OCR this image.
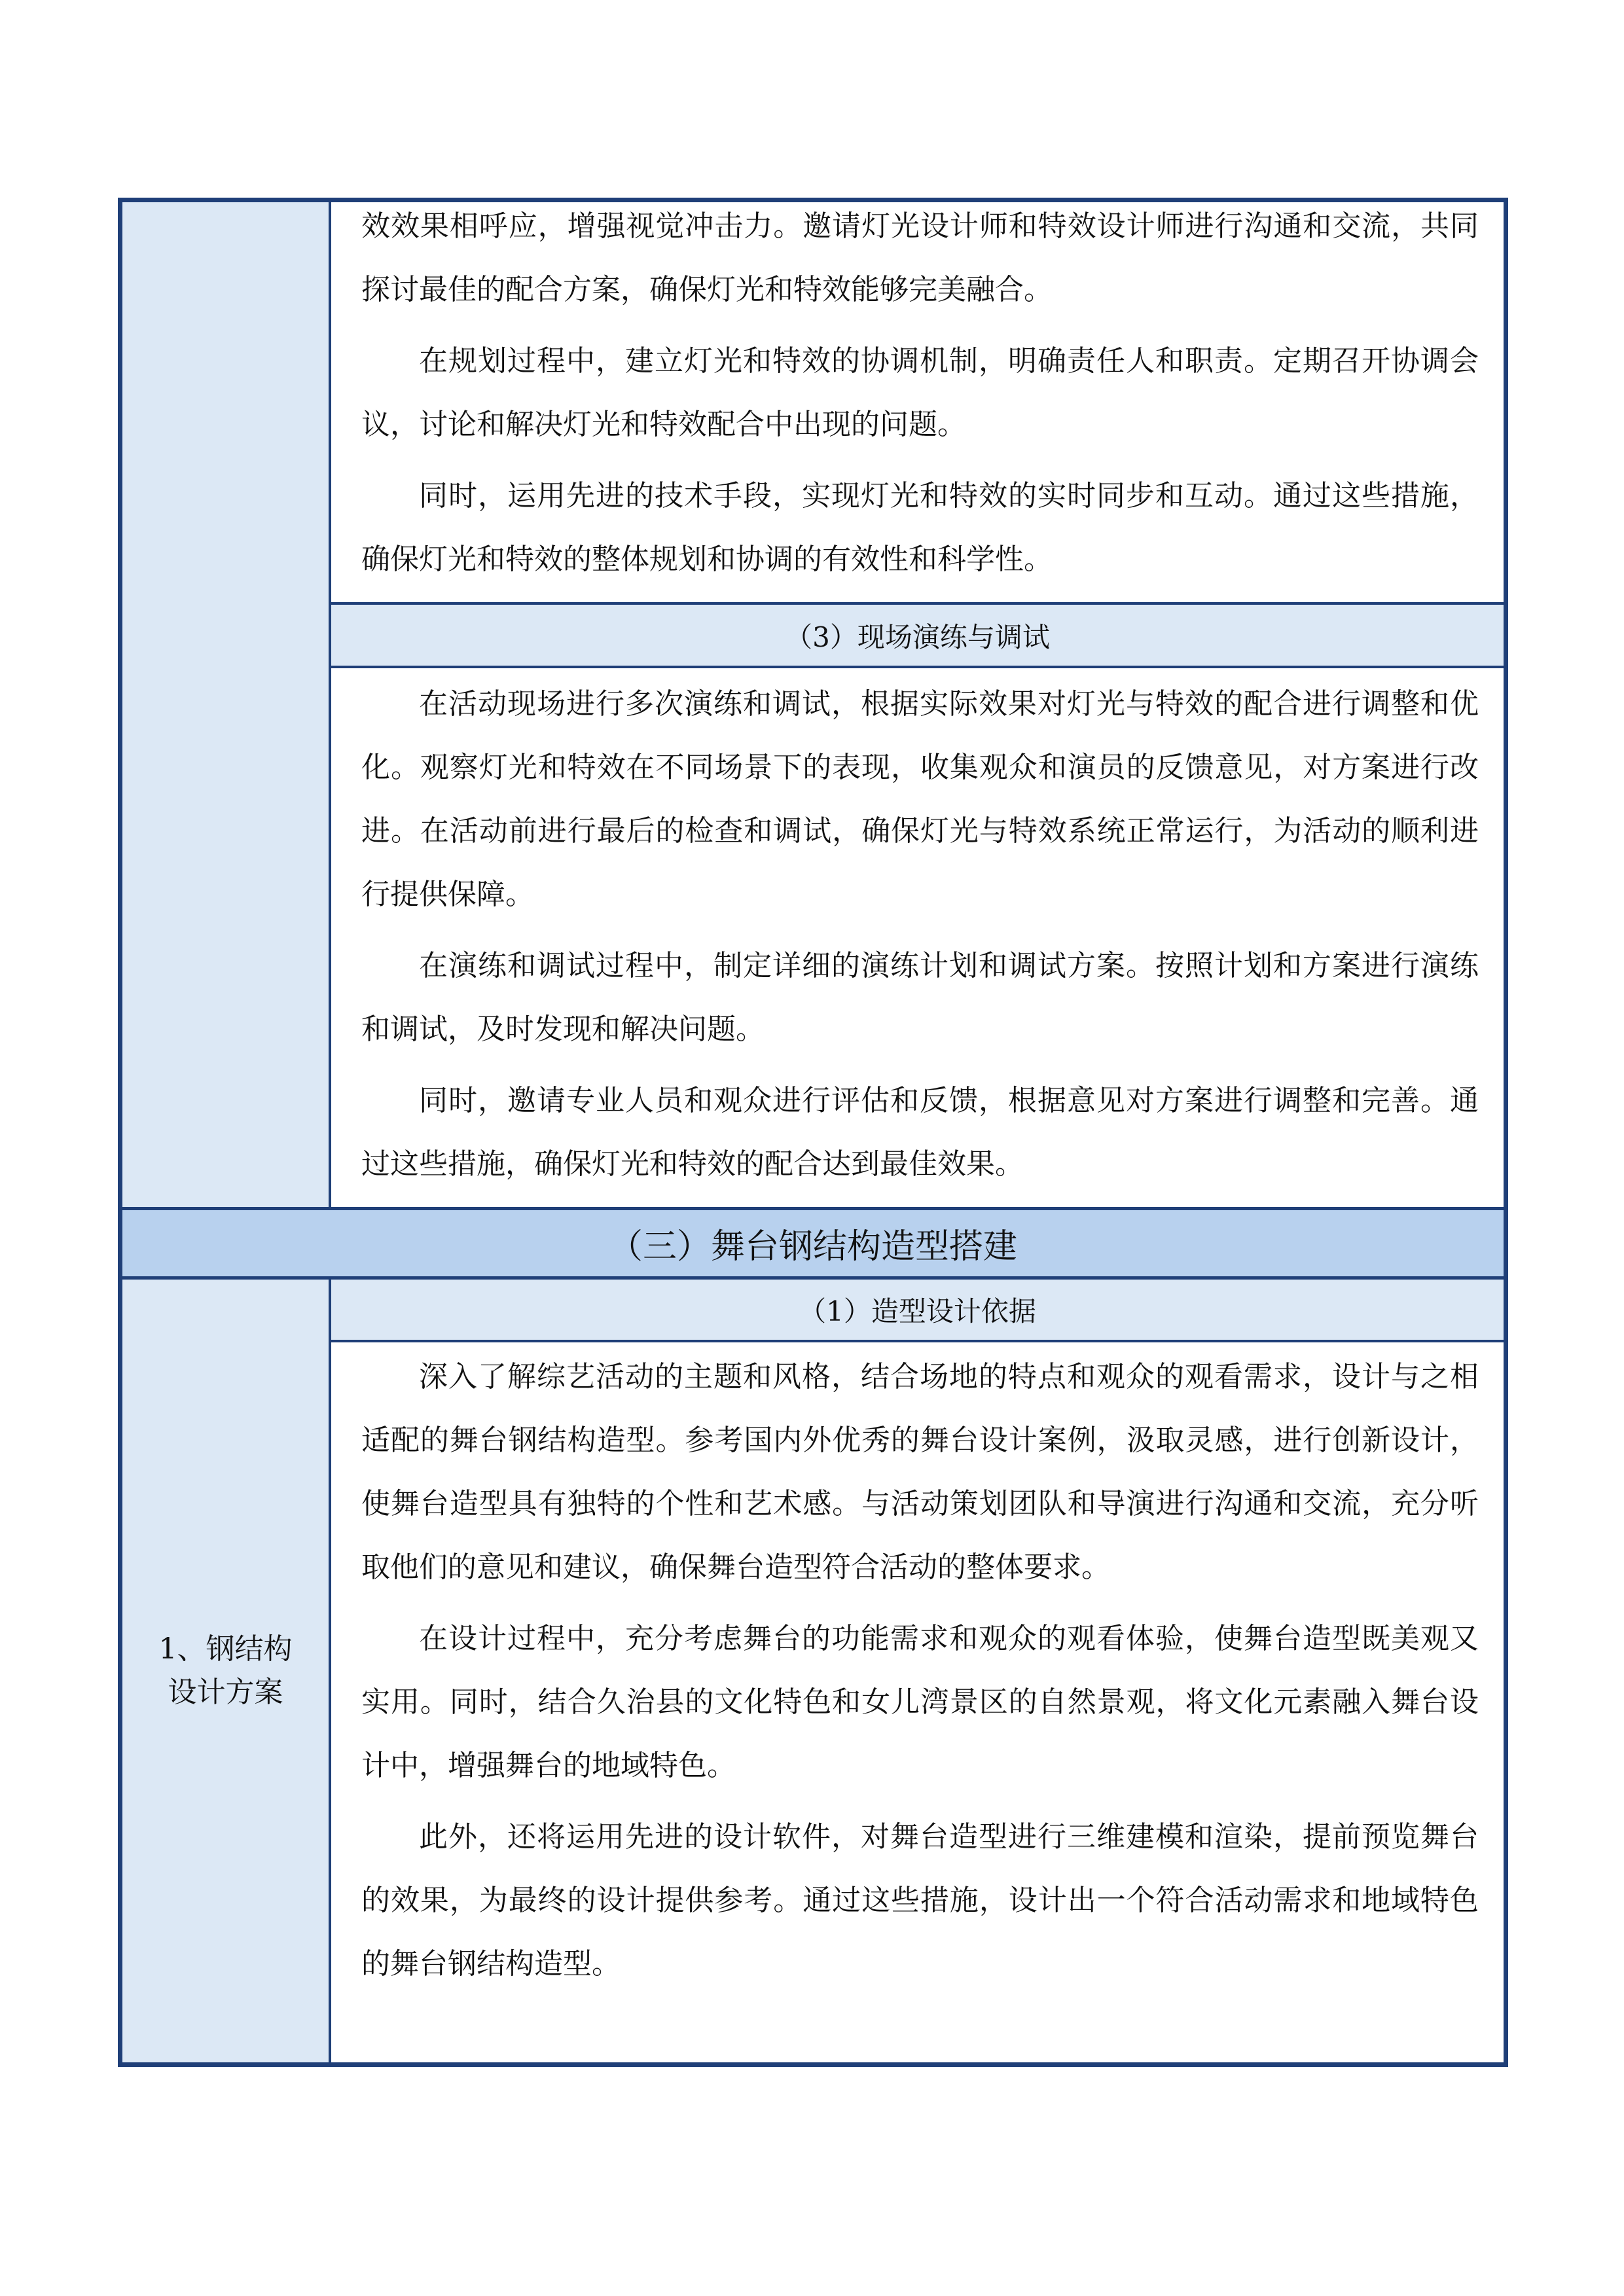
效效果相呼应，增强视觉冲击力。邀请灯光设计师和特效设计师进行沟通和交流，共同探讨最佳的配合方案，确保灯光和特效能够完美融合。

在规划过程中，建立灯光和特效的协调机制，明确责任人和职责。定期召开协调会议，讨论和解决灯光和特效配合中出现的问题。

同时，运用先进的技术手段，实现灯光和特效的实时同步和互动。通过这些措施，确保灯光和特效的整体规划和协调的有效性和科学性。

（3）现场演练与调试

在活动现场进行多次演练和调试，根据实际效果对灯光与特效的配合进行调整和优化。观察灯光和特效在不同场景下的表现，收集观众和演员的反馈意见，对方案进行改进。在活动前进行最后的检查和调试，确保灯光与特效系统正常运行，为活动的顺利进行提供保障。

在演练和调试过程中，制定详细的演练计划和调试方案。按照计划和方案进行演练和调试，及时发现和解决问题。

同时，邀请专业人员和观众进行评估和反馈，根据意见对方案进行调整和完善。通过这些措施，确保灯光和特效的配合达到最佳效果。

（三）舞台钢结构造型搭建
1、钢结构
设计方案
（1）造型设计依据

深入了解综艺活动的主题和风格，结合场地的特点和观众的观看需求，设计与之相适配的舞台钢结构造型。参考国内外优秀的舞台设计案例，汲取灵感，进行创新设计，使舞台造型具有独特的个性和艺术感。与活动策划团队和导演进行沟通和交流，充分听取他们的意见和建议，确保舞台造型符合活动的整体要求。

在设计过程中，充分考虑舞台的功能需求和观众的观看体验，使舞台造型既美观又实用。同时，结合久治县的文化特色和女儿湾景区的自然景观，将文化元素融入舞台设计中，增强舞台的地域特色。

此外，还将运用先进的设计软件，对舞台造型进行三维建模和渲染，提前预览舞台的效果，为最终的设计提供参考。通过这些措施，设计出一个符合活动需求和地域特色的舞台钢结构造型。
